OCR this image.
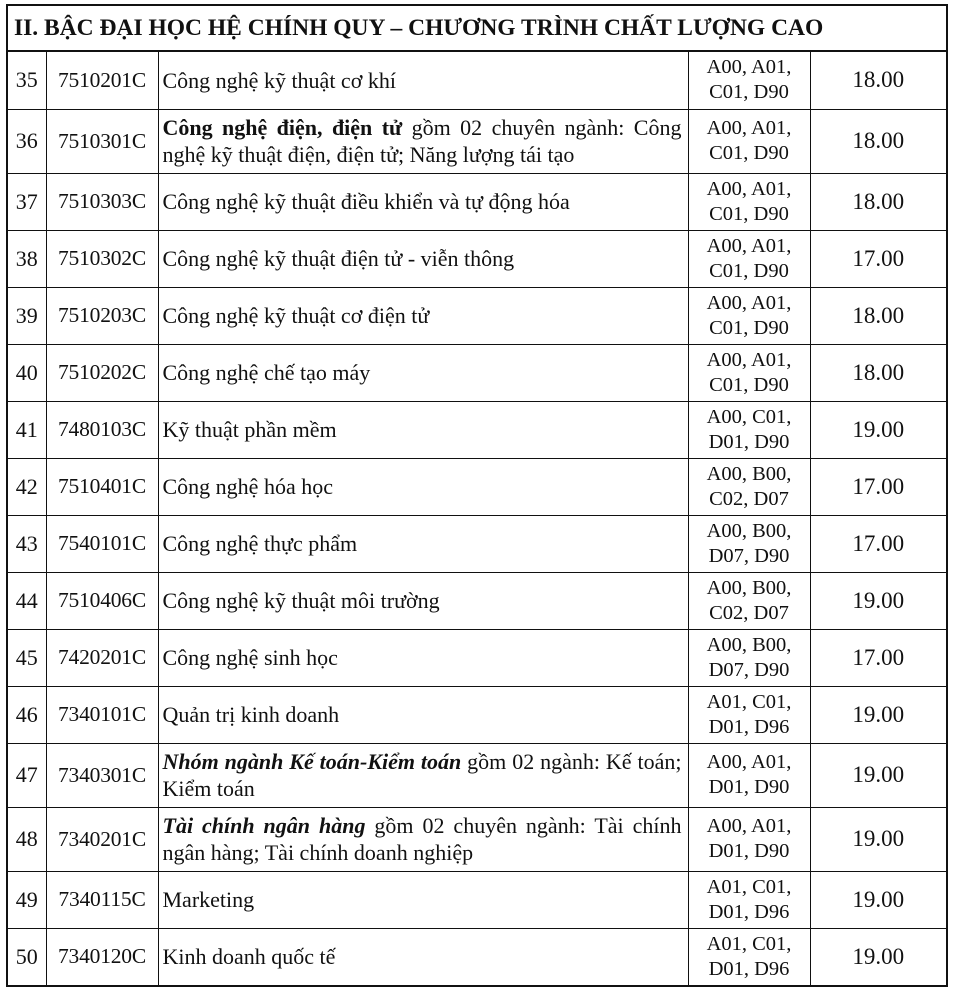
II. BẬC ĐẠI HỌC HỆ CHÍNH QUY – CHƯƠNG TRÌNH CHẤT LƯỢNG CAO
35	7510201C	Công nghệ kỹ thuật cơ khí	A00, A01,
C01, D90	18.00
36	7510301C	Công nghệ điện, điện tử gồm 02 chuyên ngành: Công nghệ kỹ thuật điện, điện tử; Năng lượng tái tạo	A00, A01,
C01, D90	18.00
37	7510303C	Công nghệ kỹ thuật điều khiển và tự động hóa	A00, A01,
C01, D90	18.00
38	7510302C	Công nghệ kỹ thuật điện tử - viễn thông	A00, A01,
C01, D90	17.00
39	7510203C	Công nghệ kỹ thuật cơ điện tử	A00, A01,
C01, D90	18.00
40	7510202C	Công nghệ chế tạo máy	A00, A01,
C01, D90	18.00
41	7480103C	Kỹ thuật phần mềm	A00, C01,
D01, D90	19.00
42	7510401C	Công nghệ hóa học	A00, B00,
C02, D07	17.00
43	7540101C	Công nghệ thực phẩm	A00, B00,
D07, D90	17.00
44	7510406C	Công nghệ kỹ thuật môi trường	A00, B00,
C02, D07	19.00
45	7420201C	Công nghệ sinh học	A00, B00,
D07, D90	17.00
46	7340101C	Quản trị kinh doanh	A01, C01,
D01, D96	19.00
47	7340301C	Nhóm ngành Kế toán-Kiểm toán gồm 02 ngành: Kế toán; Kiểm toán	A00, A01,
D01, D90	19.00
48	7340201C	Tài chính ngân hàng gồm 02 chuyên ngành: Tài chính ngân hàng; Tài chính doanh nghiệp	A00, A01,
D01, D90	19.00
49	7340115C	Marketing	A01, C01,
D01, D96	19.00
50	7340120C	Kinh doanh quốc tế	A01, C01,
D01, D96	19.00
